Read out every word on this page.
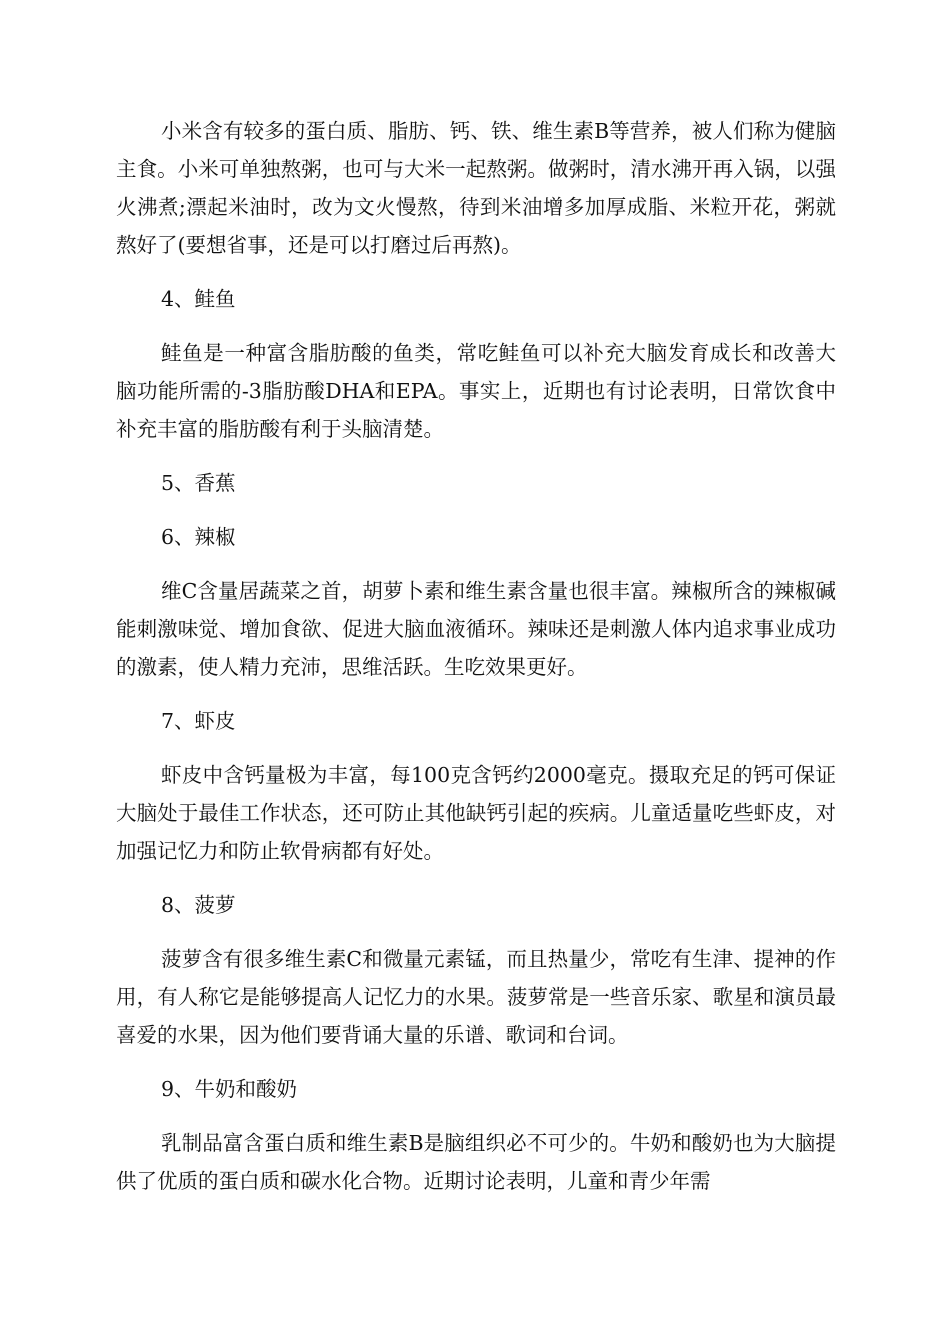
小米含有较多的蛋白质、脂肪、钙、铁、维生素B等营养，被人们称为健脑主食。小米可单独熬粥，也可与大米一起熬粥。做粥时，清水沸开再入锅，以强火沸煮;漂起米油时，改为文火慢熬，待到米油增多加厚成脂、米粒开花，粥就熬好了(要想省事，还是可以打磨过后再熬)。

4、鲑鱼

鲑鱼是一种富含脂肪酸的鱼类，常吃鲑鱼可以补充大脑发育成长和改善大脑功能所需的-3脂肪酸DHA和EPA。事实上，近期也有讨论表明，日常饮食中补充丰富的脂肪酸有利于头脑清楚。

5、香蕉

6、辣椒

维C含量居蔬菜之首，胡萝卜素和维生素含量也很丰富。辣椒所含的辣椒碱能刺激味觉、增加食欲、促进大脑血液循环。辣味还是刺激人体内追求事业成功的激素，使人精力充沛，思维活跃。生吃效果更好。

7、虾皮

虾皮中含钙量极为丰富，每100克含钙约2000毫克。摄取充足的钙可保证大脑处于最佳工作状态，还可防止其他缺钙引起的疾病。儿童适量吃些虾皮，对加强记忆力和防止软骨病都有好处。

8、菠萝

菠萝含有很多维生素C和微量元素锰，而且热量少，常吃有生津、提神的作用，有人称它是能够提高人记忆力的水果。菠萝常是一些音乐家、歌星和演员最喜爱的水果，因为他们要背诵大量的乐谱、歌词和台词。

9、牛奶和酸奶

乳制品富含蛋白质和维生素B是脑组织必不可少的。牛奶和酸奶也为大脑提供了优质的蛋白质和碳水化合物。近期讨论表明，儿童和青少年需
